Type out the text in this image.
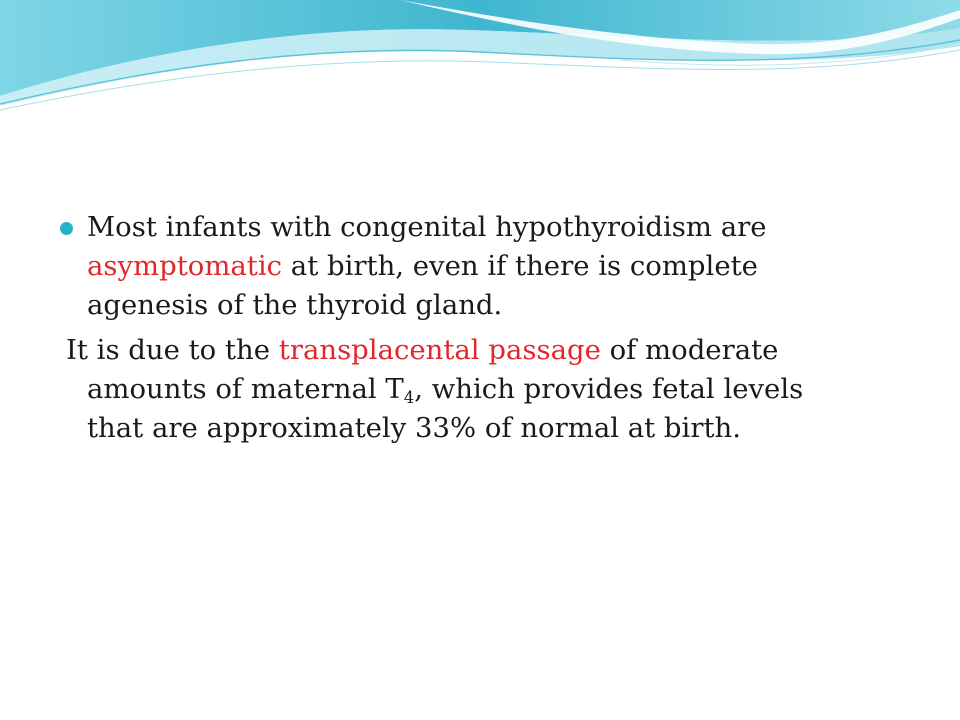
Most infants with congenital hypothyroidism are asymptomatic at birth, even if there is complete agenesis of the thyroid gland.

It is due to the transplacental passage of moderate amounts of maternal $T_4$, which provides fetal levels that are approximately 33% of normal at birth.
